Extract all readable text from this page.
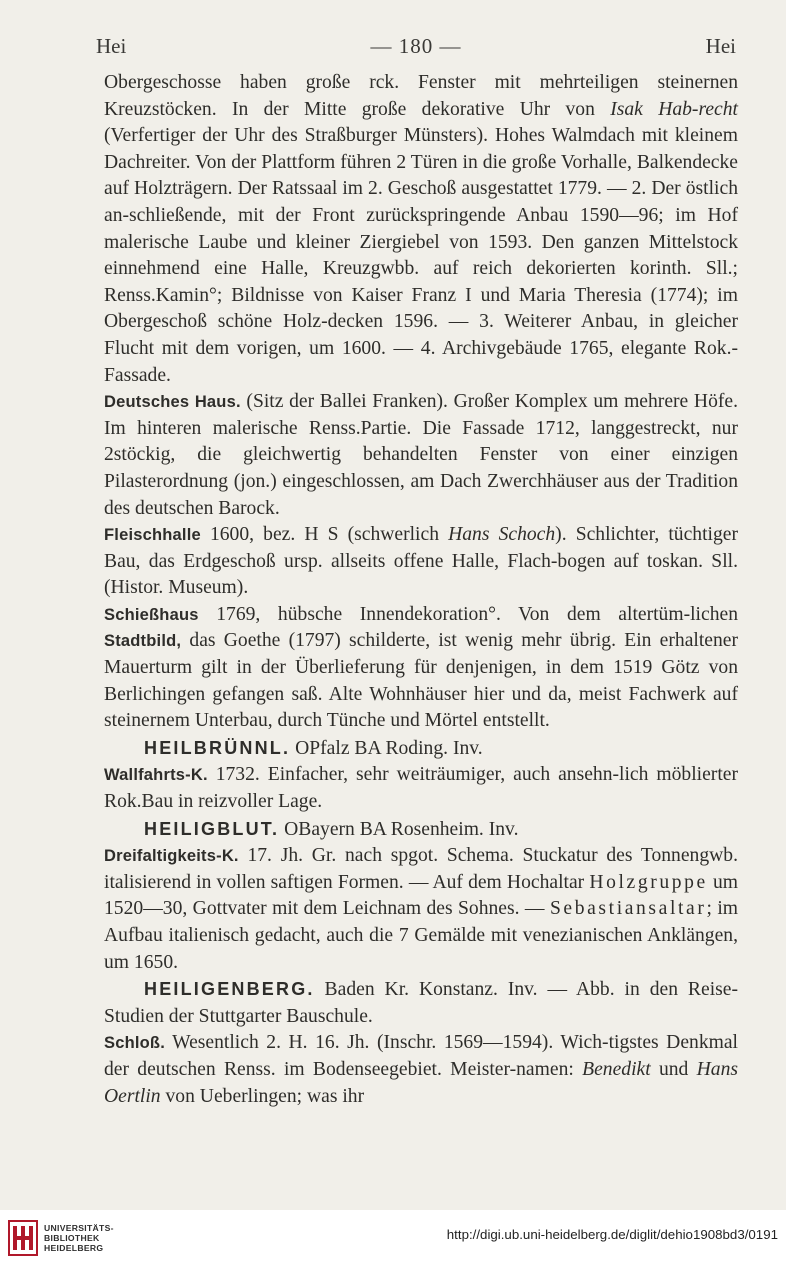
Hei	— 180 —	Hei

Obergeschosse haben große rck. Fenster mit mehrteiligen steinernen Kreuzstöcken. In der Mitte große dekorative Uhr von Isak Hab-recht (Verfertiger der Uhr des Straßburger Münsters). Hohes Walmdach mit kleinem Dachreiter. Von der Plattform führen 2 Türen in die große Vorhalle, Balkendecke auf Holzträgern. Der Ratssaal im 2. Geschoß ausgestattet 1779. — 2. Der östlich an-schließende, mit der Front zurückspringende Anbau 1590—96; im Hof malerische Laube und kleiner Ziergiebel von 1593. Den ganzen Mittelstock einnehmend eine Halle, Kreuzgwbb. auf reich dekorierten korinth. Sll.; Renss.Kamin°; Bildnisse von Kaiser Franz I und Maria Theresia (1774); im Obergeschoß schöne Holz-decken 1596. — 3. Weiterer Anbau, in gleicher Flucht mit dem vorigen, um 1600. — 4. Archivgebäude 1765, elegante Rok.-Fassade.

Deutsches Haus. (Sitz der Ballei Franken). Großer Komplex um mehrere Höfe. Im hinteren malerische Renss.Partie. Die Fassade 1712, langgestreckt, nur 2stöckig, die gleichwertig behandelten Fenster von einer einzigen Pilasterordnung (jon.) eingeschlossen, am Dach Zwerchhäuser aus der Tradition des deutschen Barock.

Fleischhalle 1600, bez. H S (schwerlich Hans Schoch). Schlichter, tüchtiger Bau, das Erdgeschoß ursp. allseits offene Halle, Flach-bogen auf toskan. Sll. (Histor. Museum).

Schießhaus 1769, hübsche Innendekoration°. Von dem altertüm-lichen Stadtbild, das Goethe (1797) schilderte, ist wenig mehr übrig. Ein erhaltener Mauerturm gilt in der Überlieferung für denjenigen, in dem 1519 Götz von Berlichingen gefangen saß. Alte Wohnhäuser hier und da, meist Fachwerk auf steinernem Unterbau, durch Tünche und Mörtel entstellt.

HEILBRÜNNL. OPfalz BA Roding. Inv.

Wallfahrts-K. 1732. Einfacher, sehr weiträumiger, auch ansehn-lich möblierter Rok.Bau in reizvoller Lage.

HEILIGBLUT. OBayern BA Rosenheim. Inv.

Dreifaltigkeits-K. 17. Jh. Gr. nach spgot. Schema. Stuckatur des Tonnengwb. italisierend in vollen saftigen Formen. — Auf dem Hochaltar Holzgruppe um 1520—30, Gottvater mit dem Leichnam des Sohnes. — Sebastiansaltar; im Aufbau italienisch gedacht, auch die 7 Gemälde mit venezianischen Anklängen, um 1650.

HEILIGENBERG. Baden Kr. Konstanz. Inv. — Abb. in den Reise-Studien der Stuttgarter Bauschule.

Schloß. Wesentlich 2. H. 16. Jh. (Inschr. 1569—1594). Wich-tigstes Denkmal der deutschen Renss. im Bodenseegebiet. Meister-namen: Benedikt und Hans Oertlin von Ueberlingen; was ihr

UNIVERSITÄTS-
BIBLIOTHEK
HEIDELBERG
http://digi.ub.uni-heidelberg.de/diglit/dehio1908bd3/0191
